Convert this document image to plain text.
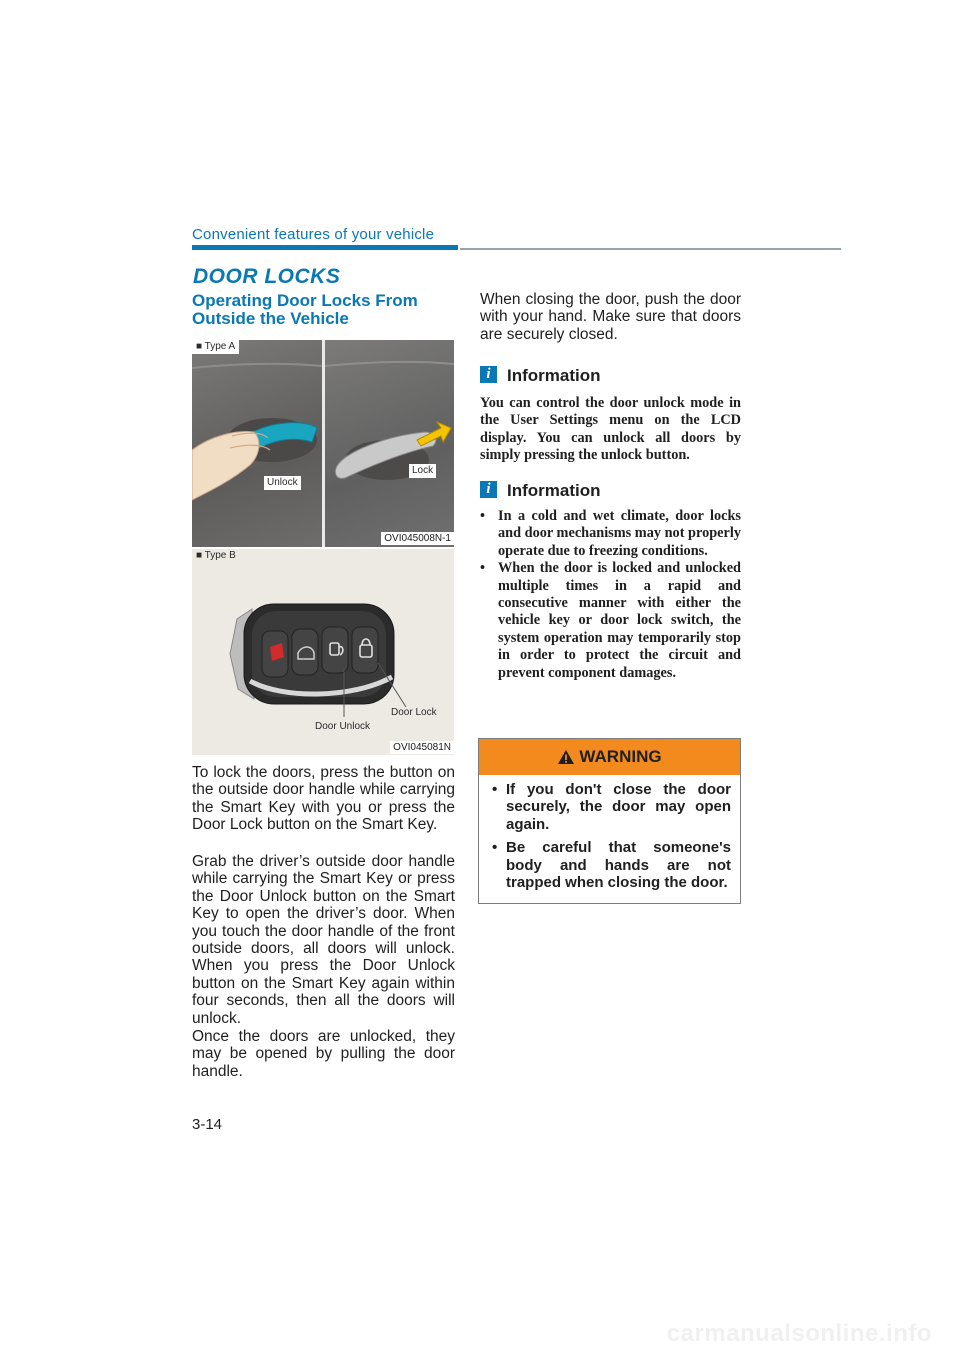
Convenient features of your vehicle
DOOR LOCKS
Operating Door Locks From Outside the Vehicle
Unlock
Lock
■ Type A
OVI045008N-1
■ Type B
Door Unlock
Door Lock
OVI045081N
To lock the doors, press the button on the outside door handle while carrying the Smart Key with you or press the Door Lock button on the Smart Key.
Grab the driver’s outside door handle while carrying the Smart Key or press the Door Unlock button on the Smart Key to open the driver’s door. When you touch the door handle of the front outside doors, all doors will unlock. When you press the Door Unlock button on the Smart Key again within four seconds, then all the doors will unlock.
Once the doors are unlocked, they may be opened by pulling the door handle.
When closing the door, push the door with your hand. Make sure that doors are securely closed.
i Information
You can control the door unlock mode in the User Settings menu on the LCD display. You can unlock all doors by simply pressing the unlock button.
i Information
• In a cold and wet climate, door locks and door mechanisms may not properly operate due to freezing conditions.
• When the door is locked and unlocked multiple times in a rapid and consecutive manner with either the vehicle key or door lock switch, the system operation may temporarily stop in order to protect the circuit and prevent component damages.
WARNING
• If you don't close the door securely, the door may open again.
• Be careful that someone's body and hands are not trapped when closing the door.
3-14
carmanualsonline.info
